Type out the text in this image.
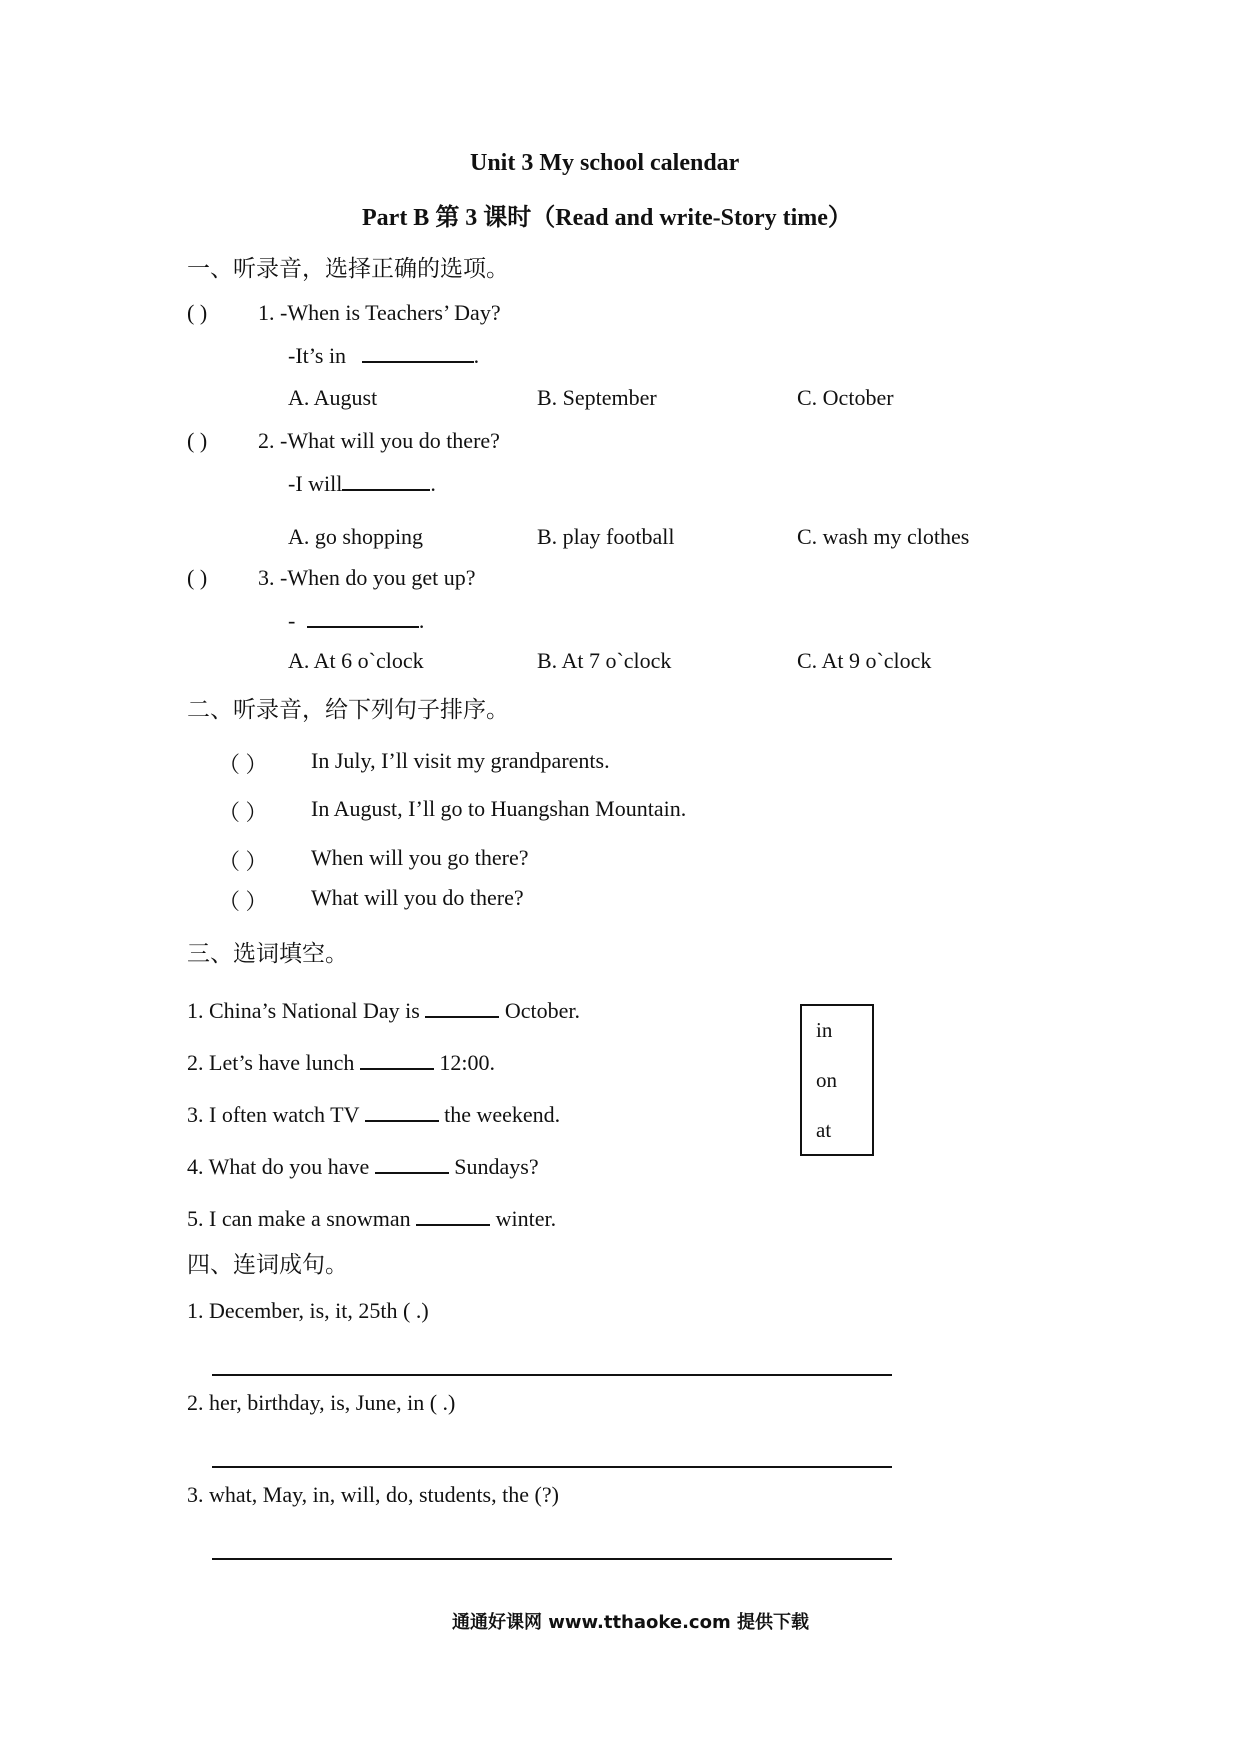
Unit 3 My school calendar
Part B 第 3 课时（Read and write-Story time）
一、听录音，选择正确的选项。
( ) 1. -When is Teachers’ Day?
-It’s in	.
A. August	B. September	C. October
( ) 2. -What will you do there?
-I will	.
A. go shopping	B. play football	C. wash my clothes
( ) 3. -When do you get up?
-	.
A. At 6 o`clock	B. At 7 o`clock	C. At 9 o`clock
二、听录音，给下列句子排序。
（ ） In July, I’ll visit my grandparents.
（ ） In August, I’ll go to Huangshan Mountain.
（ ） When will you go there?
（ ） What will you do there?
三、选词填空。
1. China’s National Day is	October.
2. Let’s have lunch	12:00.
3. I often watch TV	the weekend.
4. What do you have	Sundays?
5. I can make a snowman	winter.
in
on
at
四、连词成句。
1. December, is, it, 25th ( .)
2. her, birthday, is, June, in ( .)
3. what, May, in, will, do, students, the (?)
通通好课网 www.tthaoke.com 提供下载
